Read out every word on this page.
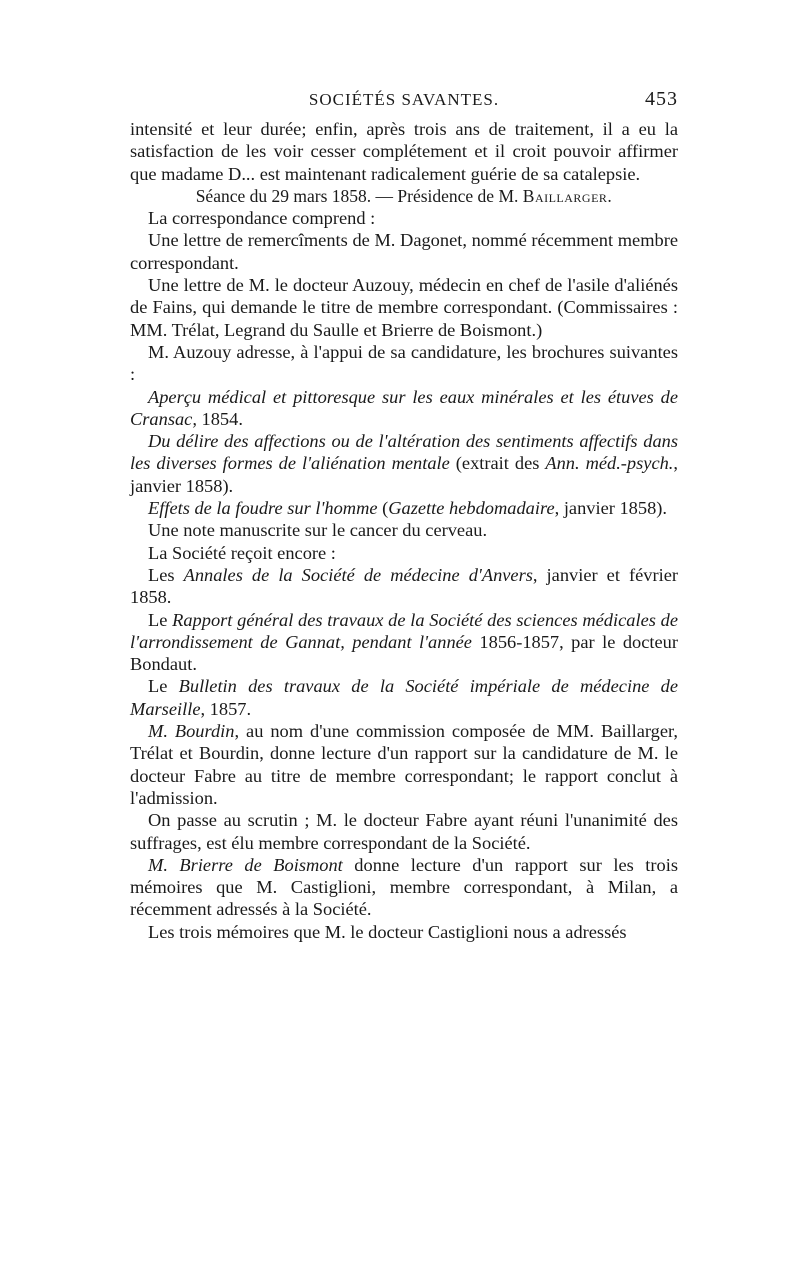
SOCIÉTÉS SAVANTES.	453

intensité et leur durée; enfin, après trois ans de traitement, il a eu la satisfaction de les voir cesser complétement et il croit pouvoir affirmer que madame D... est maintenant radicalement guérie de sa catalepsie.

Séance du 29 mars 1858. — Présidence de M. Baillarger.

La correspondance comprend :

Une lettre de remercîments de M. Dagonet, nommé récemment membre correspondant.

Une lettre de M. le docteur Auzouy, médecin en chef de l'asile d'aliénés de Fains, qui demande le titre de membre correspondant. (Commissaires : MM. Trélat, Legrand du Saulle et Brierre de Boismont.)

M. Auzouy adresse, à l'appui de sa candidature, les brochures suivantes :

Aperçu médical et pittoresque sur les eaux minérales et les étuves de Cransac, 1854.

Du délire des affections ou de l'altération des sentiments affectifs dans les diverses formes de l'aliénation mentale (extrait des Ann. méd.-psych., janvier 1858).

Effets de la foudre sur l'homme (Gazette hebdomadaire, janvier 1858).

Une note manuscrite sur le cancer du cerveau.

La Société reçoit encore :

Les Annales de la Société de médecine d'Anvers, janvier et février 1858.

Le Rapport général des travaux de la Société des sciences médicales de l'arrondissement de Gannat, pendant l'année 1856-1857, par le docteur Bondaut.

Le Bulletin des travaux de la Société impériale de médecine de Marseille, 1857.

M. Bourdin, au nom d'une commission composée de MM. Baillarger, Trélat et Bourdin, donne lecture d'un rapport sur la candidature de M. le docteur Fabre au titre de membre correspondant; le rapport conclut à l'admission.

On passe au scrutin ; M. le docteur Fabre ayant réuni l'unanimité des suffrages, est élu membre correspondant de la Société.

M. Brierre de Boismont donne lecture d'un rapport sur les trois mémoires que M. Castiglioni, membre correspondant, à Milan, a récemment adressés à la Société.

Les trois mémoires que M. le docteur Castiglioni nous a adressés
